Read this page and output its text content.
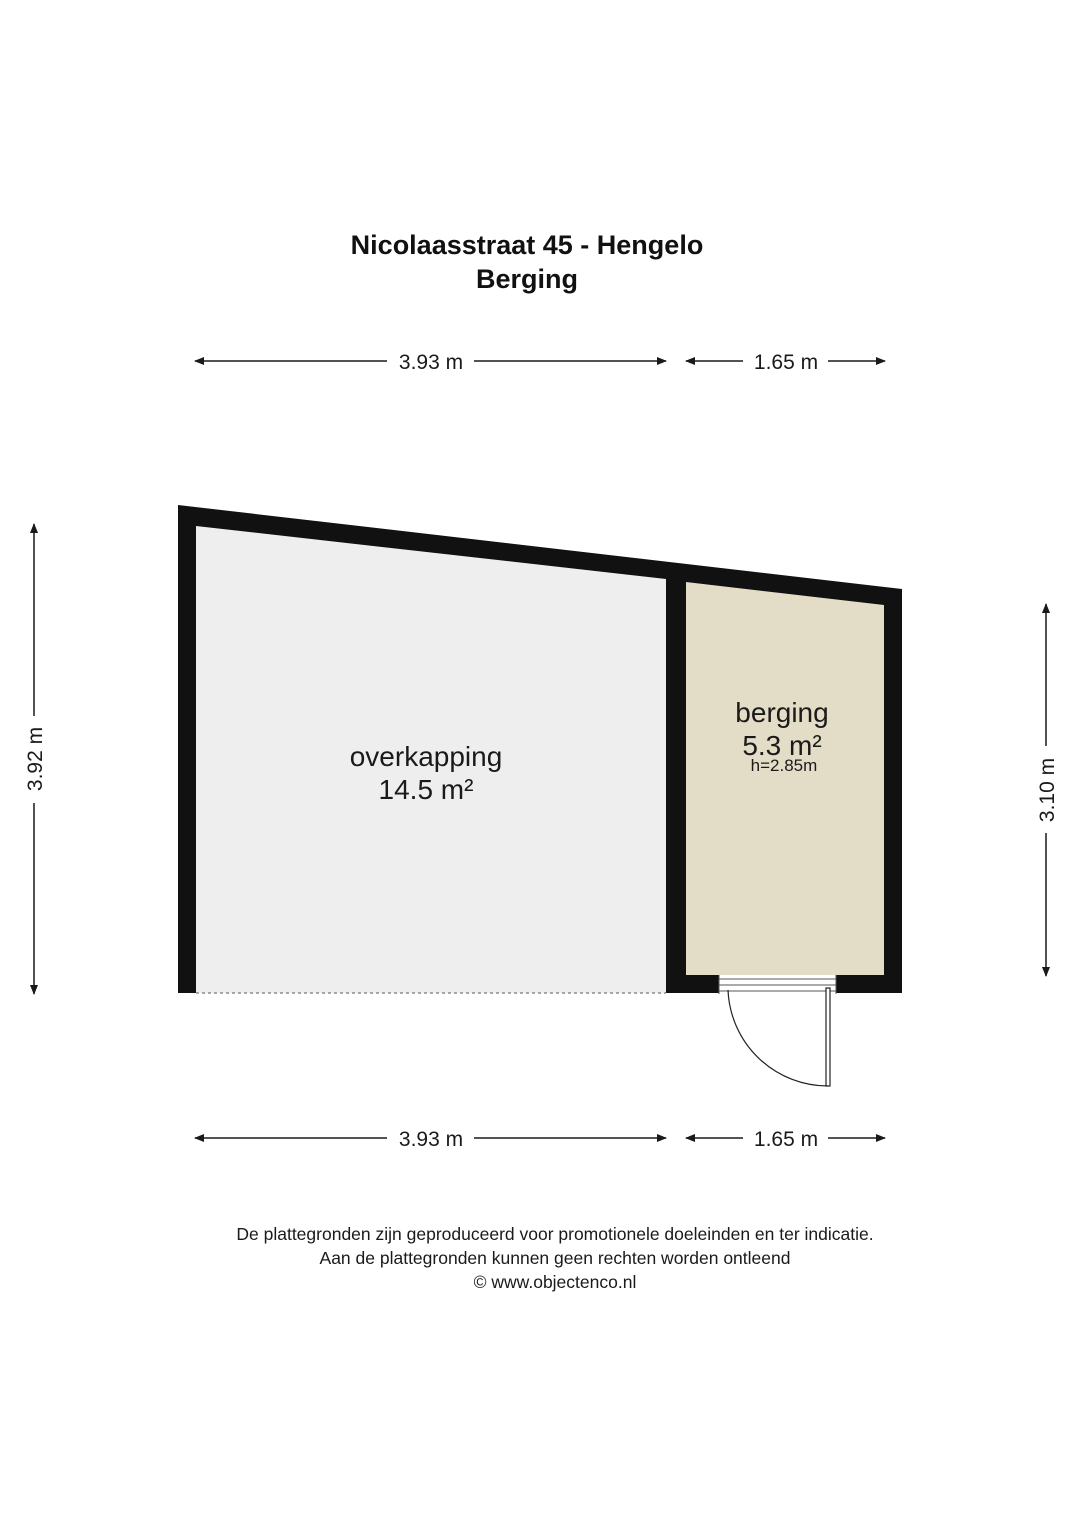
Nicolaasstraat 45 - Hengelo
Berging
3.93 m	1.65 m
3.92 m	3.10 m
overkapping
14.5 m²
berging
5.3 m²
h=2.85m
3.93 m	1.65 m
De plattegronden zijn geproduceerd voor promotionele doeleinden en ter indicatie.
Aan de plattegronden kunnen geen rechten worden ontleend
© www.objectenco.nl
